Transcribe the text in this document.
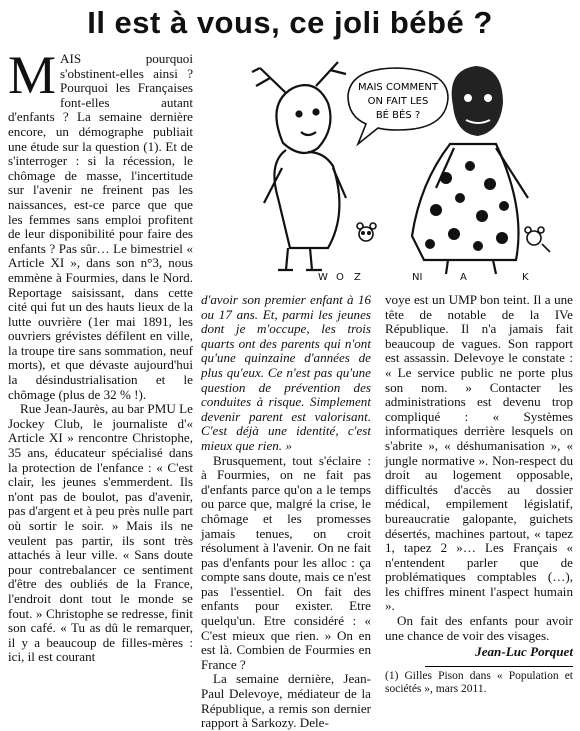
Il est à vous, ce joli bébé ?
MAIS COMMENT
ON FAIT LES
BÉ BÉS ?
W O Z	NI	A	K

MAIS pourquoi s'obstinent-elles ainsi ? Pourquoi les Françaises font-elles autant d'enfants ? La semaine dernière encore, un démographe publiait une étude sur la question (1). Et de s'interroger : si la récession, le chômage de masse, l'incertitude sur l'avenir ne freinent pas les naissances, est-ce parce que que les femmes sans emploi profitent de leur disponibilité pour faire des enfants ? Pas sûr… Le bimestriel « Article XI », dans son n°3, nous emmène à Fourmies, dans le Nord. Reportage saisissant, dans cette cité qui fut un des hauts lieux de la lutte ouvrière (1er mai 1891, les ouvriers grévistes défilent en ville, la troupe tire sans sommation, neuf morts), et que dévaste aujourd'hui la désindustrialisation et le chômage (plus de 32 % !).

Rue Jean-Jaurès, au bar PMU Le Jockey Club, le journaliste d'« Article XI » rencontre Christophe, 35 ans, éducateur spécialisé dans la protection de l'enfance : « C'est clair, les jeunes s'emmerdent. Ils n'ont pas de boulot, pas d'avenir, pas d'argent et à peu près nulle part où sortir le soir. » Mais ils ne veulent pas partir, ils sont très attachés à leur ville. « Sans doute pour contrebalancer ce sentiment d'être des oubliés de la France, l'endroit dont tout le monde se fout. » Christophe se redresse, finit son café. « Tu as dû le remarquer, il y a beaucoup de filles-mères : ici, il est courant

d'avoir son premier enfant à 16 ou 17 ans. Et, parmi les jeunes dont je m'occupe, les trois quarts ont des parents qui n'ont qu'une quinzaine d'années de plus qu'eux. Ce n'est pas qu'une question de prévention des conduites à risque. Simplement devenir parent est valorisant. C'est déjà une identité, c'est mieux que rien. »

Brusquement, tout s'éclaire : à Fourmies, on ne fait pas d'enfants parce qu'on a le temps ou parce que, malgré la crise, le chômage et les promesses jamais tenues, on croit résolument à l'avenir. On ne fait pas d'enfants pour les alloc : ça compte sans doute, mais ce n'est pas l'essentiel. On fait des enfants pour exister. Etre quelqu'un. Etre considéré : « C'est mieux que rien. » On en est là. Combien de Fourmies en France ?

La semaine dernière, Jean-Paul Delevoye, médiateur de la République, a remis son dernier rapport à Sarkozy. Dele-

voye est un UMP bon teint. Il a une tête de notable de la IVe République. Il n'a jamais fait beaucoup de vagues. Son rapport est assassin. Delevoye le constate : « Le service public ne porte plus son nom. » Contacter les administrations est devenu trop compliqué : « Systèmes informatiques derrière lesquels on s'abrite », « déshumanisation », « jungle normative ». Non-respect du droit au logement opposable, difficultés d'accès au dossier médical, empilement législatif, bureaucratie galopante, guichets désertés, machines partout, « tapez 1, tapez 2 »… Les Français « n'entendent parler que de problématiques comptables (…), les chiffres minent l'aspect humain ».

On fait des enfants pour avoir une chance de voir des visages.

Jean-Luc Porquet
(1) Gilles Pison dans « Population et sociétés », mars 2011.
